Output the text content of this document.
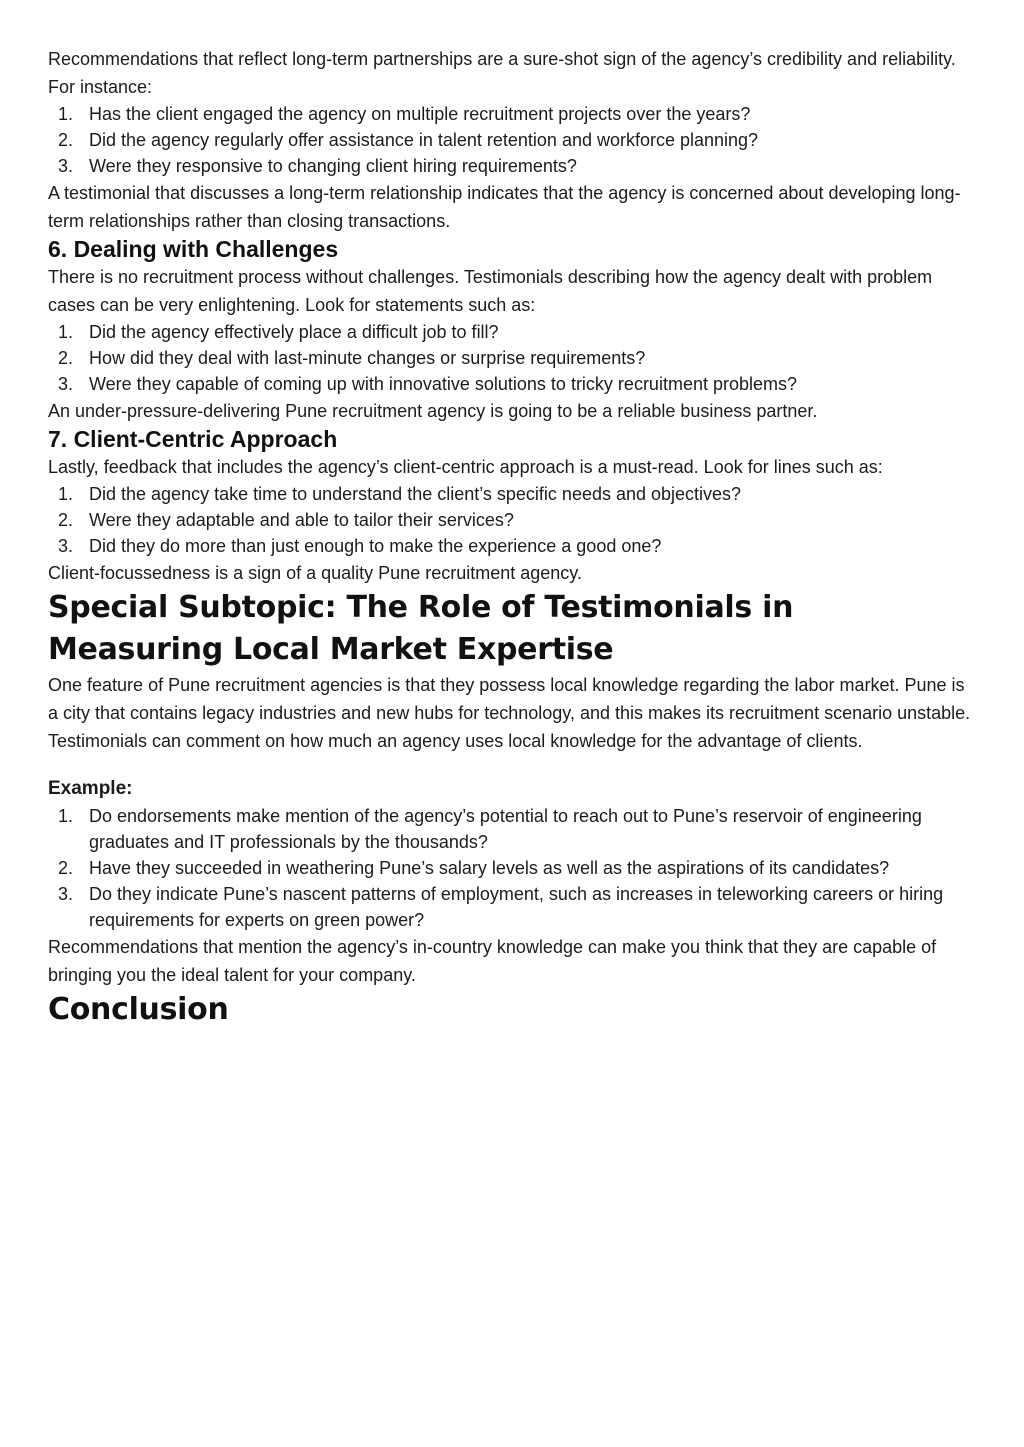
Recommendations that reflect long-term partnerships are a sure-shot sign of the agency’s credibility and reliability. For instance:

1. Has the client engaged the agency on multiple recruitment projects over the years?
2. Did the agency regularly offer assistance in talent retention and workforce planning?
3. Were they responsive to changing client hiring requirements?

A testimonial that discusses a long-term relationship indicates that the agency is concerned about developing long-term relationships rather than closing transactions.

6. Dealing with Challenges

There is no recruitment process without challenges. Testimonials describing how the agency dealt with problem cases can be very enlightening. Look for statements such as:

1. Did the agency effectively place a difficult job to fill?
2. How did they deal with last-minute changes or surprise requirements?
3. Were they capable of coming up with innovative solutions to tricky recruitment problems?

An under-pressure-delivering Pune recruitment agency is going to be a reliable business partner.

7. Client-Centric Approach

Lastly, feedback that includes the agency’s client-centric approach is a must-read. Look for lines such as:

1. Did the agency take time to understand the client’s specific needs and objectives?
2. Were they adaptable and able to tailor their services?
3. Did they do more than just enough to make the experience a good one?

Client-focussedness is a sign of a quality Pune recruitment agency.

Special Subtopic: The Role of Testimonials in Measuring Local Market Expertise

One feature of Pune recruitment agencies is that they possess local knowledge regarding the labor market. Pune is a city that contains legacy industries and new hubs for technology, and this makes its recruitment scenario unstable. Testimonials can comment on how much an agency uses local knowledge for the advantage of clients.

Example:

1. Do endorsements make mention of the agency’s potential to reach out to Pune’s reservoir of engineering graduates and IT professionals by the thousands?
2. Have they succeeded in weathering Pune’s salary levels as well as the aspirations of its candidates?
3. Do they indicate Pune’s nascent patterns of employment, such as increases in teleworking careers or hiring requirements for experts on green power?

Recommendations that mention the agency’s in-country knowledge can make you think that they are capable of bringing you the ideal talent for your company.

Conclusion
